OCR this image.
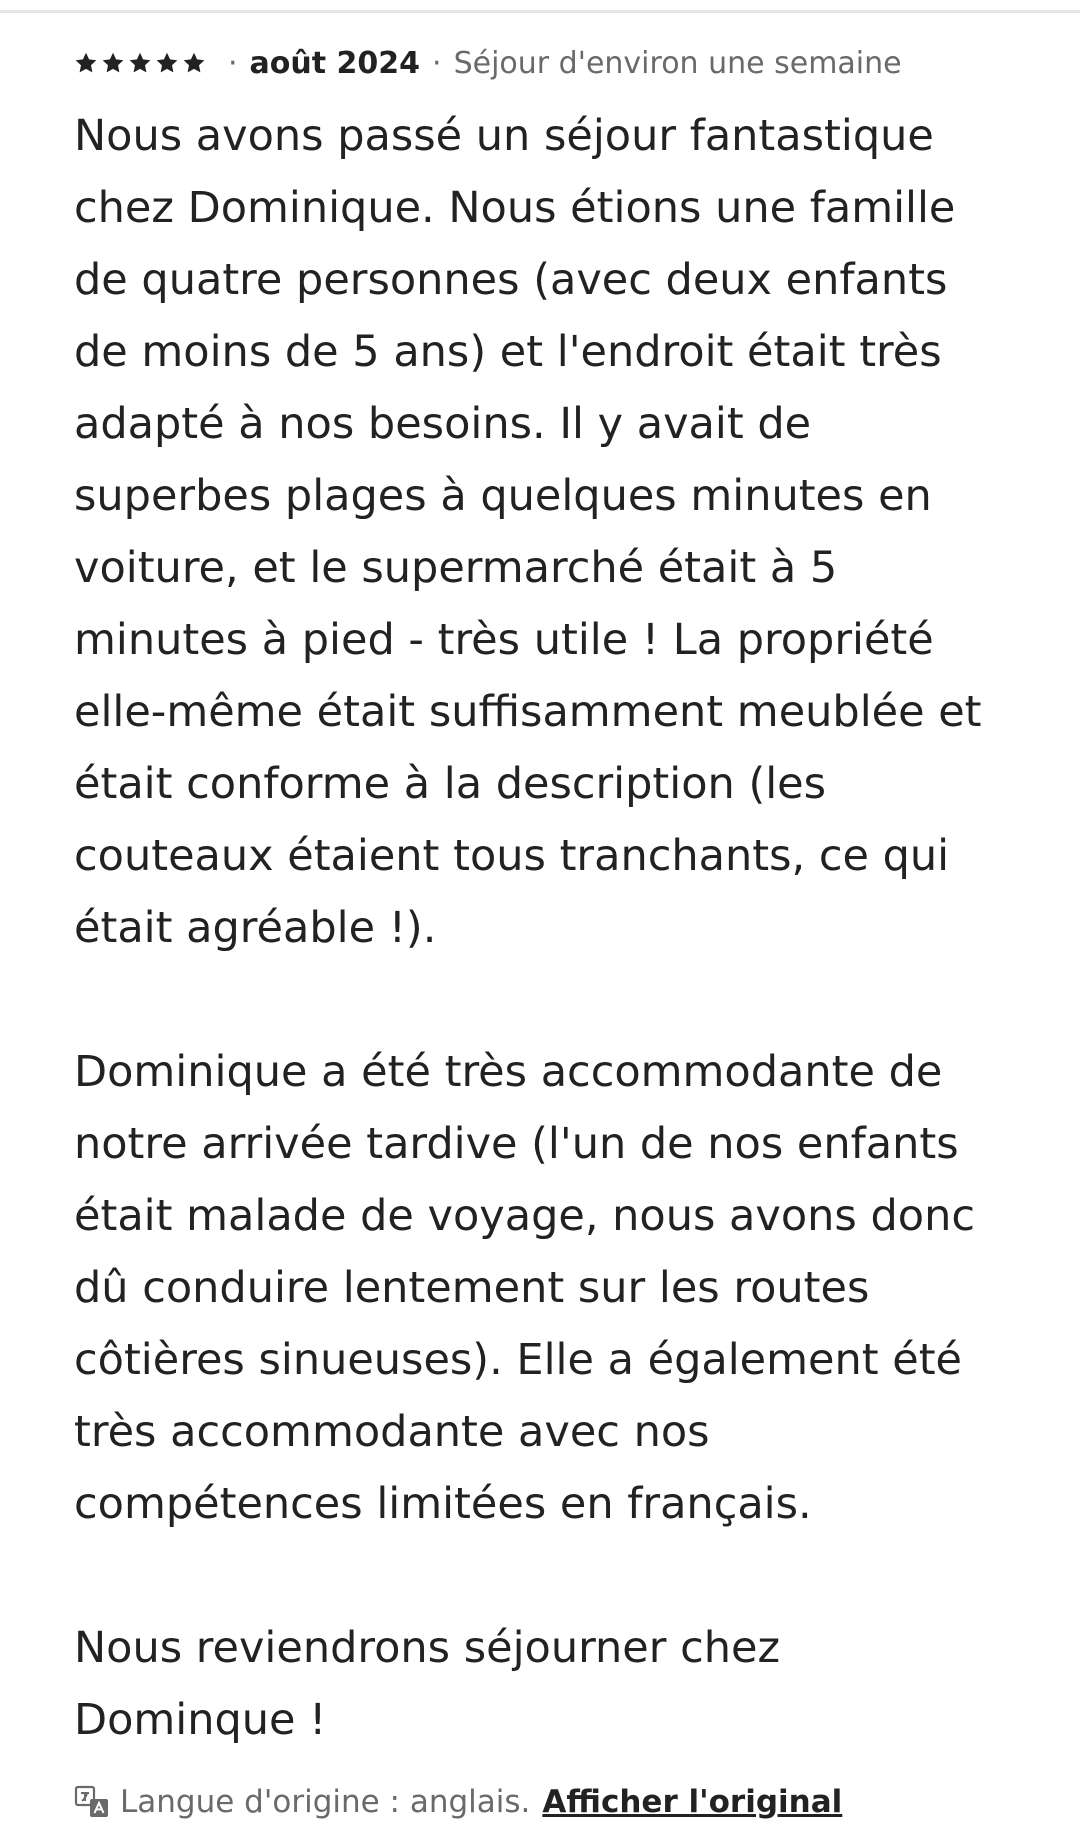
· août 2024 · Séjour d'environ une semaine

Nous avons passé un séjour fantastique
chez Dominique. Nous étions une famille
de quatre personnes (avec deux enfants
de moins de 5 ans) et l'endroit était très
adapté à nos besoins. Il y avait de
superbes plages à quelques minutes en
voiture, et le supermarché était à 5
minutes à pied - très utile ! La propriété
elle-même était suffisamment meublée et
était conforme à la description (les
couteaux étaient tous tranchants, ce qui
était agréable !).

Dominique a été très accommodante de
notre arrivée tardive (l'un de nos enfants
était malade de voyage, nous avons donc
dû conduire lentement sur les routes
côtières sinueuses). Elle a également été
très accommodante avec nos
compétences limitées en français.

Nous reviendrons séjourner chez
Dominque !

Langue d'origine : anglais. Afficher l'original
